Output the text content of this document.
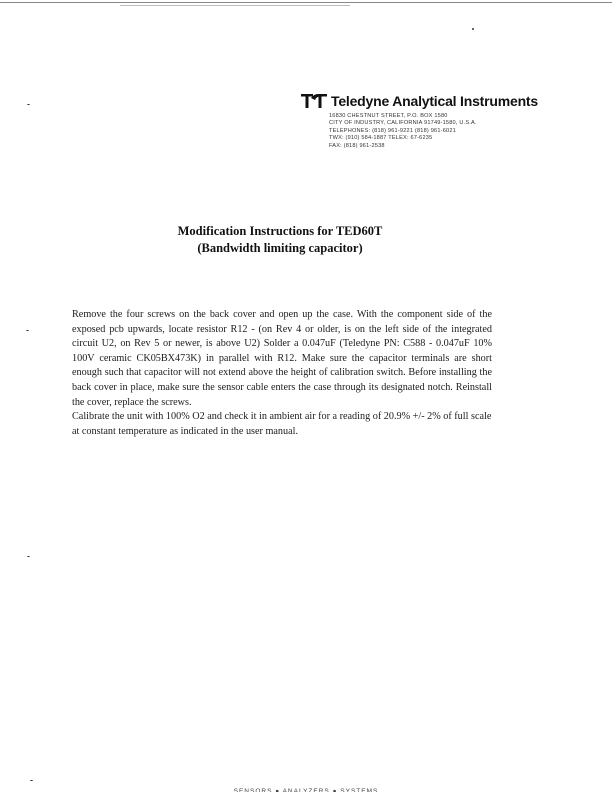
Teledyne Analytical Instruments
16830 CHESTNUT STREET, P.O. BOX 1580
CITY OF INDUSTRY, CALIFORNIA 91749-1580, U.S.A.
TELEPHONES: (818) 961-9221 (818) 961-6021
TWX: (910) 584-1887 TELEX: 67-6235
FAX: (818) 961-2538
Modification Instructions for TED60T
(Bandwidth limiting capacitor)

Remove the four screws on the back cover and open up the case. With the component side of the exposed pcb upwards, locate resistor R12 - (on Rev 4 or older, is on the left side of the integrated circuit U2, on Rev 5 or newer, is above U2) Solder a 0.047uF (Teledyne PN: C588 - 0.047uF 10% 100V ceramic CK05BX473K) in parallel with R12. Make sure the capacitor terminals are short enough such that capacitor will not extend above the height of calibration switch. Before installing the back cover in place, make sure the sensor cable enters the case through its designated notch. Reinstall the cover, replace the screws.

Calibrate the unit with 100% O2 and check it in ambient air for a reading of 20.9% +/- 2% of full scale at constant temperature as indicated in the user manual.

SENSORS ● ANALYZERS ● SYSTEMS
